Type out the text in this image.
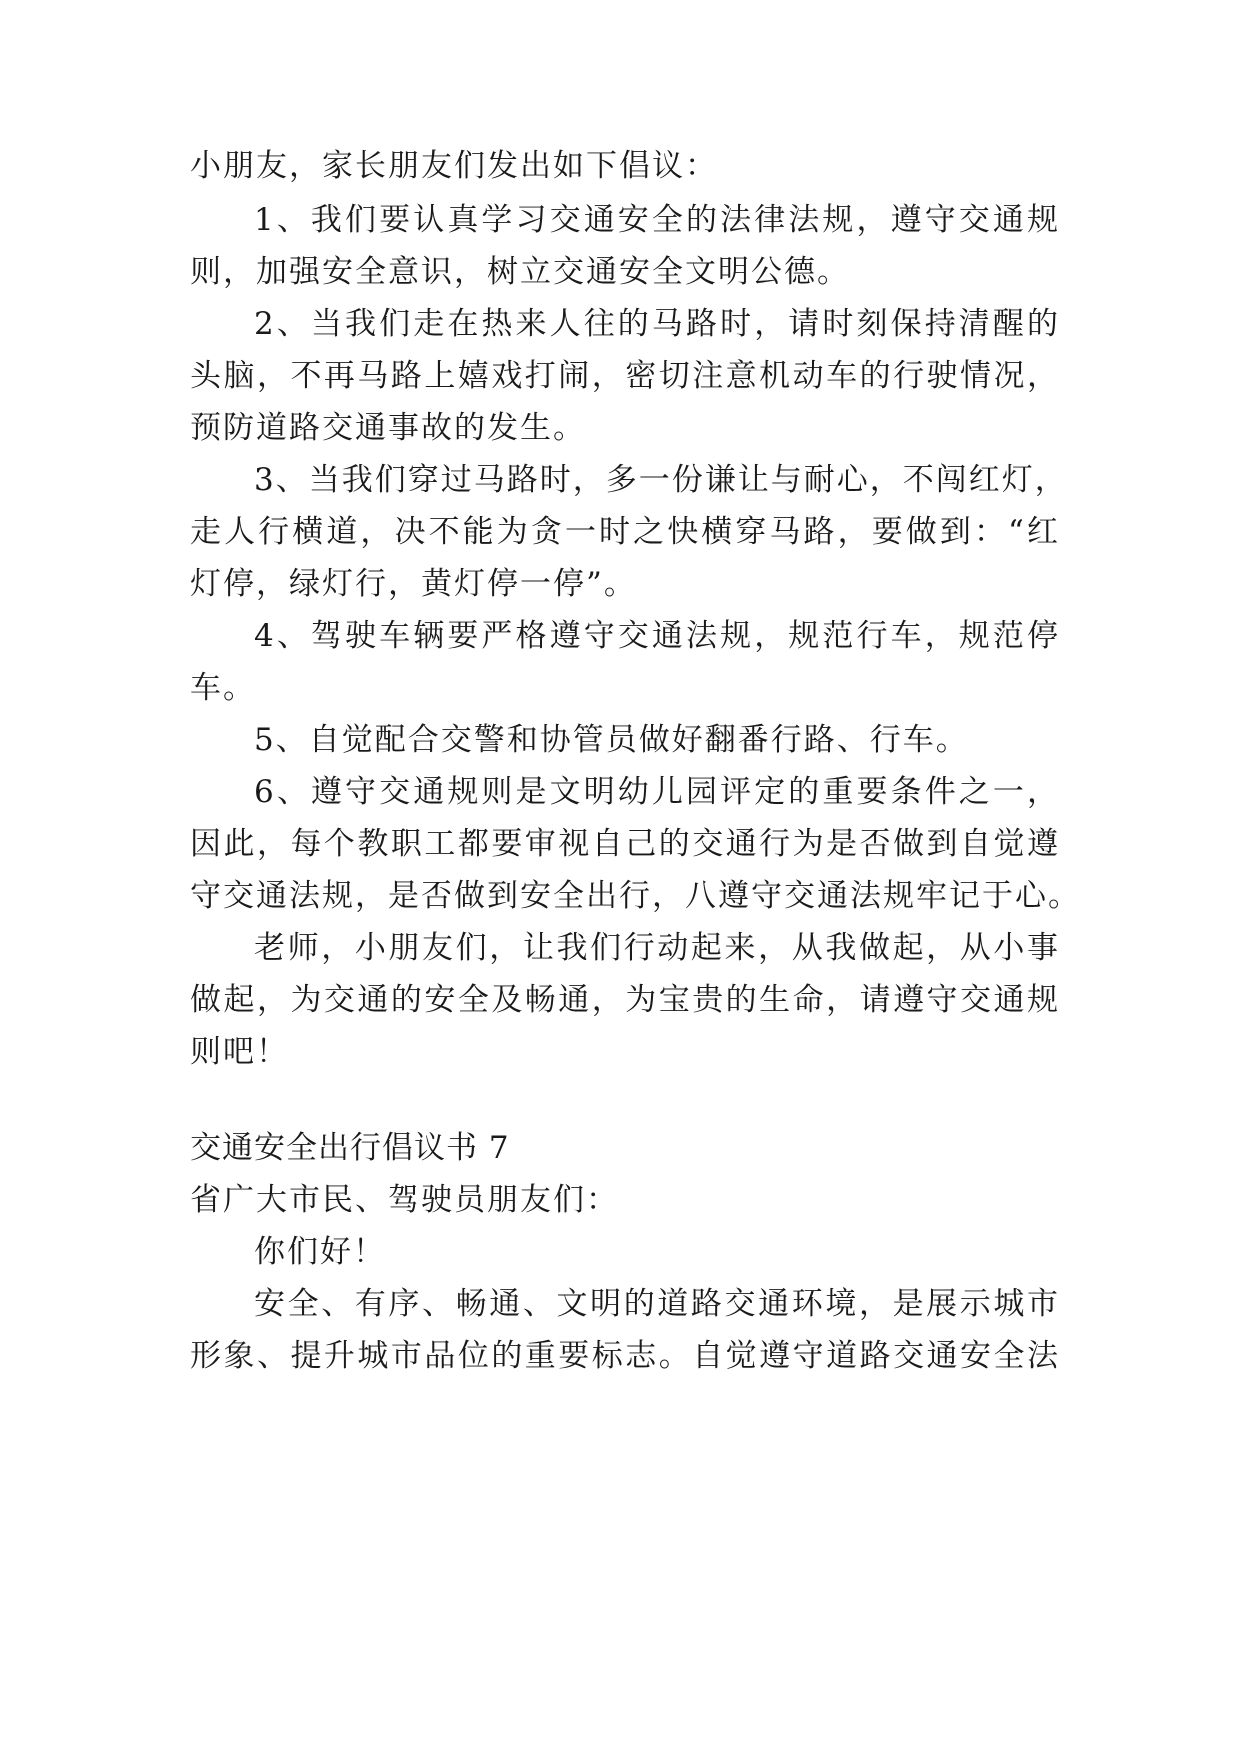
小朋友，家长朋友们发出如下倡议：
1、我们要认真学习交通安全的法律法规，遵守交通规
则，加强安全意识，树立交通安全文明公德。
2、当我们走在热来人往的马路时，请时刻保持清醒的
头脑，不再马路上嬉戏打闹，密切注意机动车的行驶情况，
预防道路交通事故的发生。
3、当我们穿过马路时，多一份谦让与耐心，不闯红灯，
走人行横道，决不能为贪一时之快横穿马路，要做到：“红
灯停，绿灯行，黄灯停一停”。
4、驾驶车辆要严格遵守交通法规，规范行车，规范停
车。
5、自觉配合交警和协管员做好翻番行路、行车。
6、遵守交通规则是文明幼儿园评定的重要条件之一，
因此，每个教职工都要审视自己的交通行为是否做到自觉遵
守交通法规，是否做到安全出行，八遵守交通法规牢记于心。
老师，小朋友们，让我们行动起来，从我做起，从小事
做起，为交通的安全及畅通，为宝贵的生命，请遵守交通规
则吧！
交通安全出行倡议书 7
省广大市民、驾驶员朋友们：
你们好！
安全、有序、畅通、文明的道路交通环境，是展示城市
形象、提升城市品位的重要标志。自觉遵守道路交通安全法
